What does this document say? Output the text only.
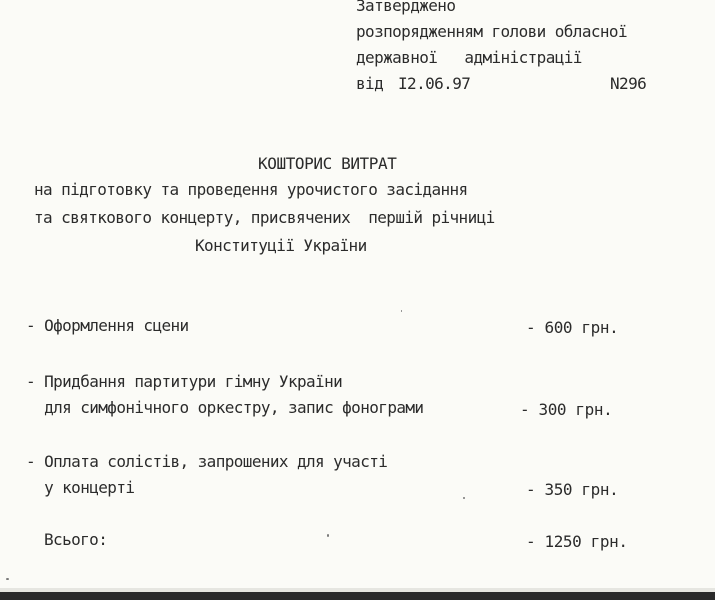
Затверджено
розпорядженням голови обласної
державної   адміністрації
від I2.06.97	N296
КОШТОРИС ВИТРАТ
на підготовку та проведення урочистого засідання
та святкового концерту, присвячених  першій річниці
Конституції України
- Оформлення сцени	- 600 грн.
- Придбання партитури гімну України
для симфонічного оркестру, запис фонограми	- 300 грн.
- Оплата солістів, запрошених для участі
у концерті	- 350 грн.
Всього:	- 1250 грн.
